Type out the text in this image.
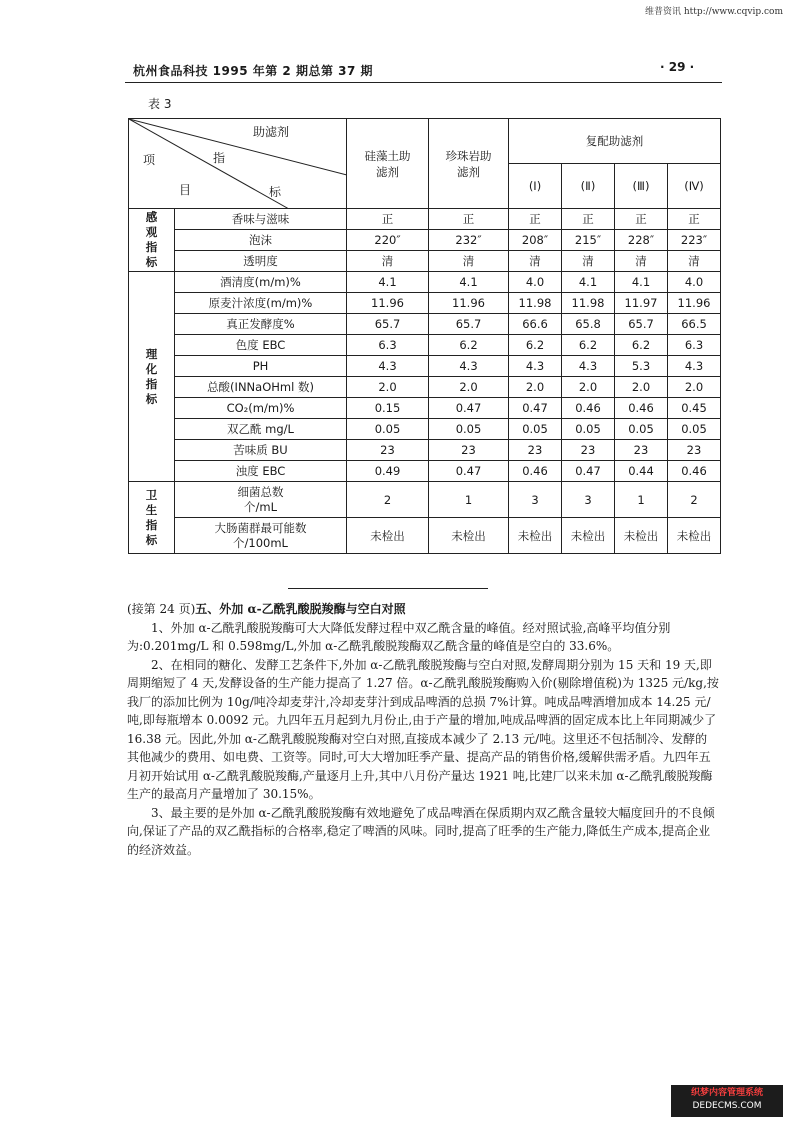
维普资讯 http://www.cqvip.com
杭州食品科技 1995 年第 2 期总第 37 期	· 29 ·
表 3
助滤剂
项 指
目 标		硅藻土助滤剂	珍珠岩助滤剂	复配助滤剂			
				(Ⅰ)	(Ⅱ)	(Ⅲ)	(Ⅳ)

感观指标	香味与滋味	正	正	正	正	正	正
	泡沫	220″	232″	208″	215″	228″	223″
	透明度	清	清	清	清	清	清

理化指标	酒清度(m/m)%	4.1	4.1	4.0	4.1	4.1	4.0
	原麦汁浓度(m/m)%	11.96	11.96	11.98	11.98	11.97	11.96
	真正发酵度%	65.7	65.7	66.6	65.8	65.7	66.5
	色度 EBC	6.3	6.2	6.2	6.2	6.2	6.3
	PH	4.3	4.3	4.3	4.3	5.3	4.3
	总酸(INNaOHml 数)	2.0	2.0	2.0	2.0	2.0	2.0
	CO₂(m/m)%	0.15	0.47	0.47	0.46	0.46	0.45
	双乙酰 mg/L	0.05	0.05	0.05	0.05	0.05	0.05
	苦味质 BU	23	23	23	23	23	23
	浊度 EBC	0.49	0.47	0.46	0.47	0.44	0.46

卫生指标	细菌总数
个/mL	2	1	3	3	1	2

	大肠菌群最可能数
个/100mL	未检出	未检出	未检出	未检出	未检出	未检出

(接第 24 页)五、外加 α-乙酰乳酸脱羧酶与空白对照

1、外加 α-乙酰乳酸脱羧酶可大大降低发酵过程中双乙酰含量的峰值。经对照试验,高峰平均值分别为:0.201mg/L 和 0.598mg/L,外加 α-乙酰乳酸脱羧酶双乙酰含量的峰值是空白的 33.6%。

2、在相同的糖化、发酵工艺条件下,外加 α-乙酰乳酸脱羧酶与空白对照,发酵周期分别为 15 天和 19 天,即周期缩短了 4 天,发酵设备的生产能力提高了 1.27 倍。α-乙酰乳酸脱羧酶购入价(剔除增值税)为 1325 元/kg,按我厂的添加比例为 10g/吨冷却麦芽汁,冷却麦芽汁到成品啤酒的总损 7%计算。吨成品啤酒增加成本 14.25 元/吨,即每瓶增本 0.0092 元。九四年五月起到九月份止,由于产量的增加,吨成品啤酒的固定成本比上年同期减少了 16.38 元。因此,外加 α-乙酰乳酸脱羧酶对空白对照,直接成本减少了 2.13 元/吨。这里还不包括制冷、发酵的其他减少的费用、如电费、工资等。同时,可大大增加旺季产量、提高产品的销售价格,缓解供需矛盾。九四年五月初开始试用 α-乙酰乳酸脱羧酶,产量逐月上升,其中八月份产量达 1921 吨,比建厂以来未加 α-乙酰乳酸脱羧酶生产的最高月产量增加了 30.15%。

3、最主要的是外加 α-乙酰乳酸脱羧酶有效地避免了成品啤酒在保质期内双乙酰含量较大幅度回升的不良倾向,保证了产品的双乙酰指标的合格率,稳定了啤酒的风味。同时,提高了旺季的生产能力,降低生产成本,提高企业的经济效益。

织梦内容管理系统
DEDECMS.COM
